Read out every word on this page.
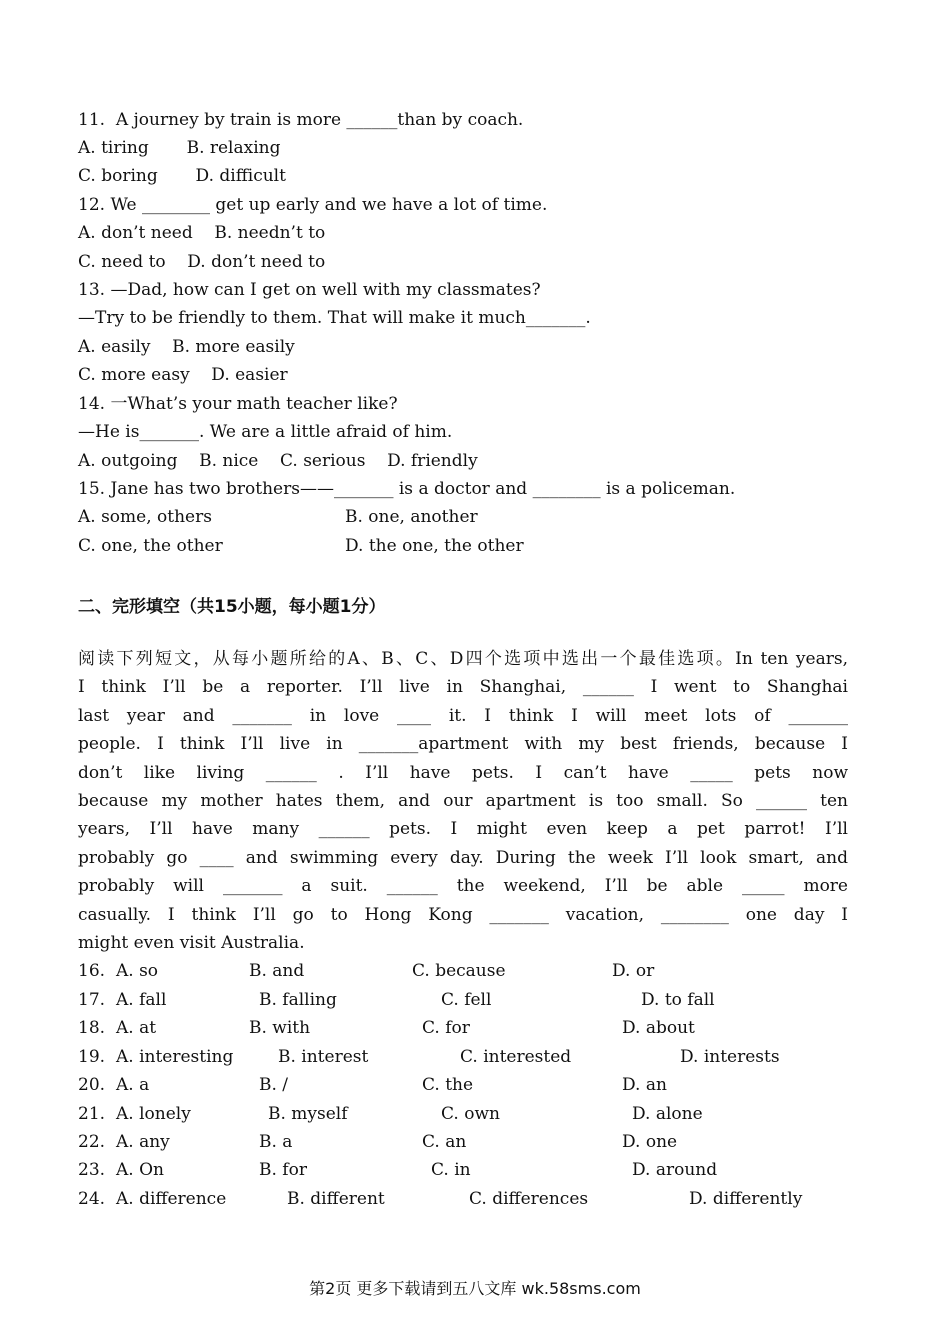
11.  A journey by train is more ______than by coach.
A. tiring       B. relaxing
C. boring       D. difficult
12. We ________ get up early and we have a lot of time.
A. don’t need    B. needn’t to
C. need to    D. don’t need to
13. —Dad, how can I get on well with my classmates?
—Try to be friendly to them. That will make it much_______.
A. easily    B. more easily
C. more easy    D. easier
14. 一What’s your math teacher like?
—He is_______. We are a little afraid of him.
A. outgoing    B. nice    C. serious    D. friendly
15. Jane has two brothers——_______ is a doctor and ________ is a policeman.
A. some, others	B. one, another
C. one, the other	D. the one, the other
二、完形填空（共15小题，每小题1分）
阅读下列短文，从每小题所给的A、B、C、D四个选项中选出一个最佳选项。In ten years,
I think I’ll be a reporter. I’ll live in Shanghai, ______ I went to Shanghai
last year and _______ in love ____ it. I think I will meet lots of _______
people. I think I’ll live in _______apartment with my best friends, because I
don’t like living ______ . I’ll have pets. I can’t have _____ pets now
because my mother hates them, and our apartment is too small. So ______ ten
years, I’ll have many ______ pets. I might even keep a pet parrot! I’ll
probably go ____ and swimming every day. During the week I’ll look smart, and
probably will _______ a suit. ______ the weekend, I’ll be able _____ more
casually. I think I’ll go to Hong Kong _______ vacation, ________ one day I
might even visit Australia.
16. A. so	B. and	C. because	D. or
17. A. fall	B. falling	C. fell	D. to fall
18. A. at	B. with	C. for	D. about
19. A. interesting	B. interest	C. interested	D. interests
20. A. a	B. /	C. the	D. an
21. A. lonely	B. myself	C. own	D. alone
22. A. any	B. a	C. an	D. one
23. A. On	B. for	C. in	D. around
24. A. difference	B. different	C. differences	D. differently
第2页 更多下载请到五八文库 wk.58sms.com
